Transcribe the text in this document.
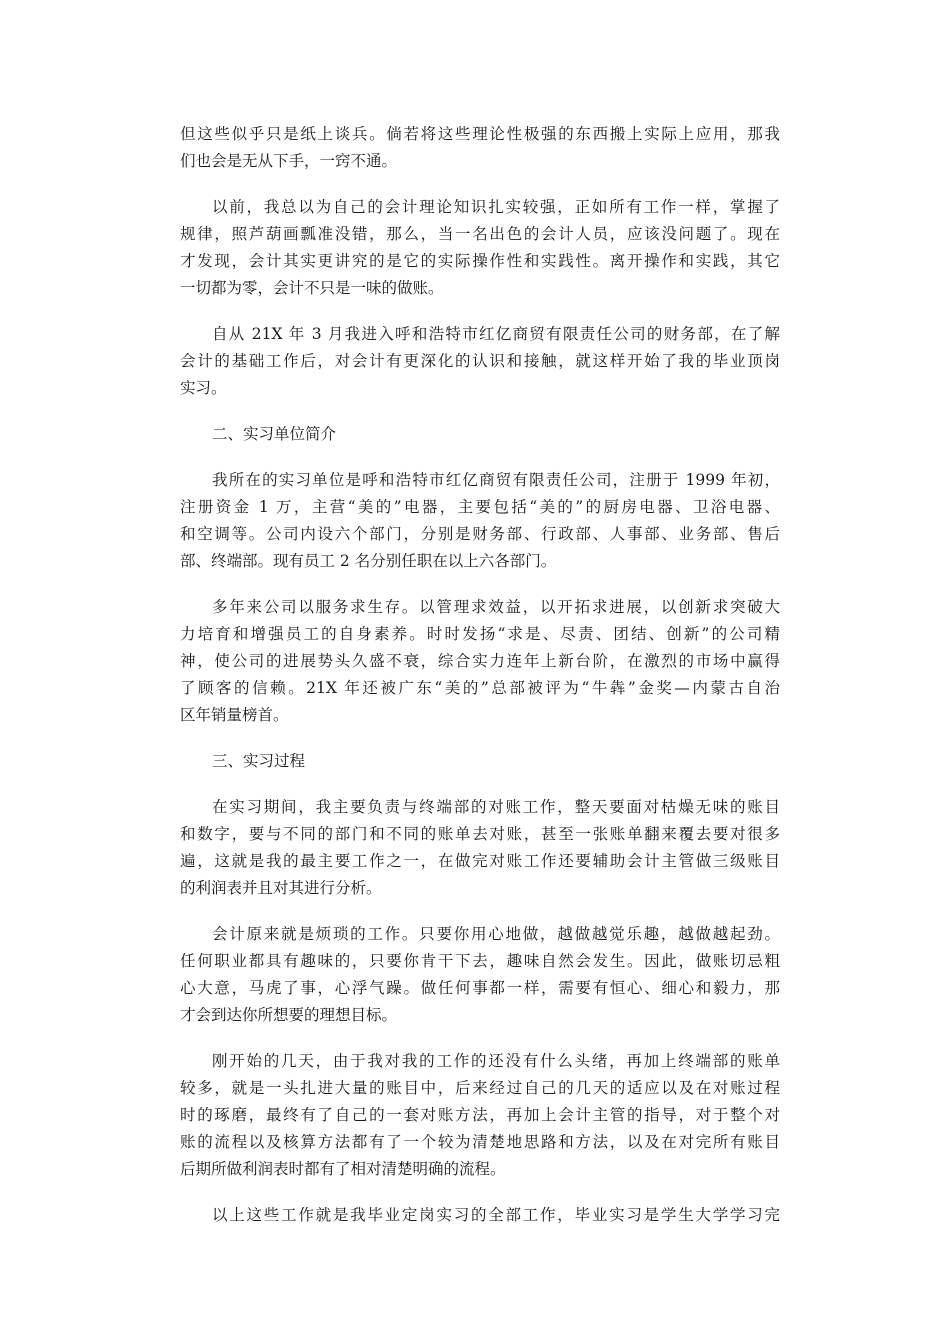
但这些似乎只是纸上谈兵。倘若将这些理论性极强的东西搬上实际上应用，那我
们也会是无从下手，一窍不通。

以前，我总以为自己的会计理论知识扎实较强，正如所有工作一样，掌握了
规律，照芦葫画瓢准没错，那么，当一名出色的会计人员，应该没问题了。现在
才发现，会计其实更讲究的是它的实际操作性和实践性。离开操作和实践，其它
一切都为零，会计不只是一味的做账。

自从 21X 年 3 月我进入呼和浩特市红亿商贸有限责任公司的财务部，在了解
会计的基础工作后，对会计有更深化的认识和接触，就这样开始了我的毕业顶岗
实习。

二、实习单位简介

我所在的实习单位是呼和浩特市红亿商贸有限责任公司，注册于 1999 年初，
注册资金 1 万，主营“美的”电器，主要包括“美的”的厨房电器、卫浴电器、
和空调等。公司内设六个部门，分别是财务部、行政部、人事部、业务部、售后
部、终端部。现有员工 2 名分别任职在以上六各部门。

多年来公司以服务求生存。以管理求效益，以开拓求进展，以创新求突破大
力培育和增强员工的自身素养。时时发扬“求是、尽责、团结、创新”的公司精
神，使公司的进展势头久盛不衰，综合实力连年上新台阶，在激烈的市场中赢得
了顾客的信赖。21X 年还被广东“美的”总部被评为“牛犇”金奖—内蒙古自治
区年销量榜首。

三、实习过程

在实习期间，我主要负责与终端部的对账工作，整天要面对枯燥无味的账目
和数字，要与不同的部门和不同的账单去对账，甚至一张账单翻来覆去要对很多
遍，这就是我的最主要工作之一，在做完对账工作还要辅助会计主管做三级账目
的利润表并且对其进行分析。

会计原来就是烦琐的工作。只要你用心地做，越做越觉乐趣，越做越起劲。
任何职业都具有趣味的，只要你肯干下去，趣味自然会发生。因此，做账切忌粗
心大意，马虎了事，心浮气躁。做任何事都一样，需要有恒心、细心和毅力，那
才会到达你所想要的理想目标。

刚开始的几天，由于我对我的工作的还没有什么头绪，再加上终端部的账单
较多，就是一头扎进大量的账目中，后来经过自己的几天的适应以及在对账过程
时的琢磨，最终有了自己的一套对账方法，再加上会计主管的指导，对于整个对
账的流程以及核算方法都有了一个较为清楚地思路和方法，以及在对完所有账目
后期所做利润表时都有了相对清楚明确的流程。

以上这些工作就是我毕业定岗实习的全部工作，毕业实习是学生大学学习完
